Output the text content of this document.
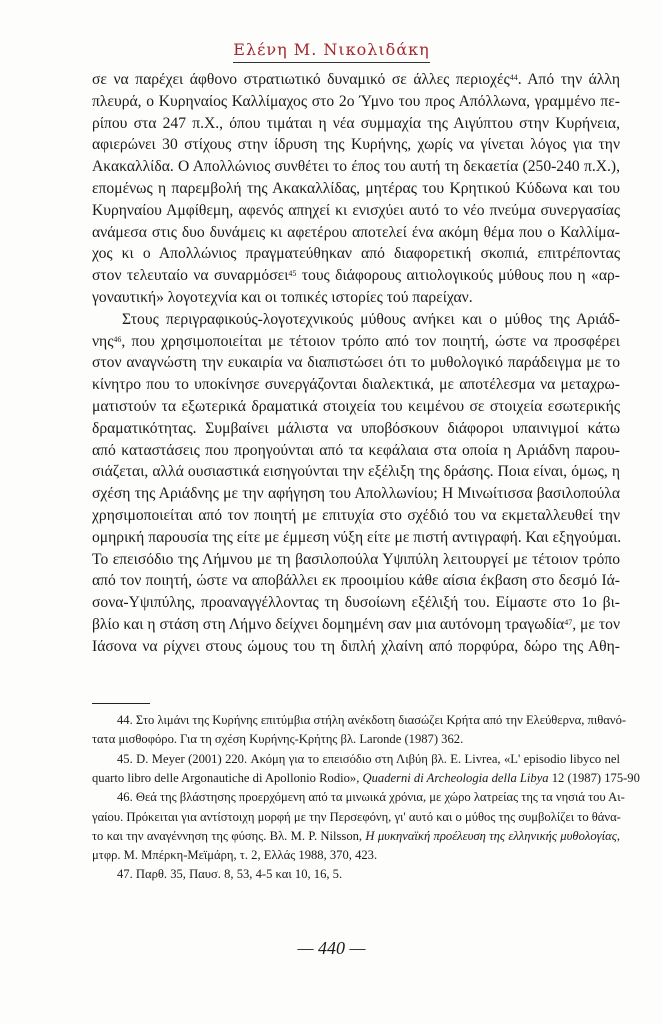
Ελένη Μ. Νικολιδάκη
σε να παρέχει άφθονο στρατιωτικό δυναμικό σε άλλες περιοχές$^{44}$. Από την άλλη
πλευρά, ο Κυρηναίος Καλλίμαχος στο 2ο Ύμνο του προς Απόλλωνα, γραμμένο πε-
ρίπου στα 247 π.Χ., όπου τιμάται η νέα συμμαχία της Αιγύπτου στην Κυρήνεια,
αφιερώνει 30 στίχους στην ίδρυση της Κυρήνης, χωρίς να γίνεται λόγος για την
Ακακαλλίδα. Ο Απολλώνιος συνθέτει το έπος του αυτή τη δεκαετία (250-240 π.Χ.),
επομένως η παρεμβολή της Ακακαλλίδας, μητέρας του Κρητικού Κύδωνα και του
Κυρηναίου Αμφίθεμη, αφενός απηχεί κι ενισχύει αυτό το νέο πνεύμα συνεργασίας
ανάμεσα στις δυο δυνάμεις κι αφετέρου αποτελεί ένα ακόμη θέμα που ο Καλλίμα-
χος κι ο Απολλώνιος πραγματεύθηκαν από διαφορετική σκοπιά, επιτρέποντας
στον τελευταίο να συναρμόσει$^{45}$ τους διάφορους αιτιολογικούς μύθους που η «αρ-
γοναυτική» λογοτεχνία και οι τοπικές ιστορίες τού παρείχαν.
Στους περιγραφικούς-λογοτεχνικούς μύθους ανήκει και ο μύθος της Αριάδ-
νης$^{46}$, που χρησιμοποιείται με τέτοιον τρόπο από τον ποιητή, ώστε να προσφέρει
στον αναγνώστη την ευκαιρία να διαπιστώσει ότι το μυθολογικό παράδειγμα με το
κίνητρο που το υποκίνησε συνεργάζονται διαλεκτικά, με αποτέλεσμα να μεταχρω-
ματιστούν τα εξωτερικά δραματικά στοιχεία του κειμένου σε στοιχεία εσωτερικής
δραματικότητας. Συμβαίνει μάλιστα να υποβόσκουν διάφοροι υπαινιγμοί κάτω
από καταστάσεις που προηγούνται από τα κεφάλαια στα οποία η Αριάδνη παρου-
σιάζεται, αλλά ουσιαστικά εισηγούνται την εξέλιξη της δράσης. Ποια είναι, όμως, η
σχέση της Αριάδνης με την αφήγηση του Απολλωνίου; Η Μινωίτισσα βασιλοπούλα
χρησιμοποιείται από τον ποιητή με επιτυχία στο σχέδιό του να εκμεταλλευθεί την
ομηρική παρουσία της είτε με έμμεση νύξη είτε με πιστή αντιγραφή. Και εξηγούμαι.
Το επεισόδιο της Λήμνου με τη βασιλοπούλα Υψιπύλη λειτουργεί με τέτοιον τρόπο
από τον ποιητή, ώστε να αποβάλλει εκ προοιμίου κάθε αίσια έκβαση στο δεσμό Ιά-
σονα-Υψιπύλης, προαναγγέλλοντας τη δυσοίωνη εξέλιξή του. Είμαστε στο 1ο βι-
βλίο και η στάση στη Λήμνο δείχνει δομημένη σαν μια αυτόνομη τραγωδία$^{47}$, με τον
Ιάσονα να ρίχνει στους ώμους του τη διπλή χλαίνη από πορφύρα, δώρο της Αθη-
44. Στο λιμάνι της Κυρήνης επιτύμβια στήλη ανέκδοτη διασώζει Κρήτα από την Ελεύθερνα, πιθανό-
τατα μισθοφόρο. Για τη σχέση Κυρήνης-Κρήτης βλ. Laronde (1987) 362.
45. D. Meyer (2001) 220. Ακόμη για το επεισόδιο στη Λιβύη βλ. E. Livrea, «L' episodio libyco nel
quarto libro delle Argonautiche di Apollonio Rodio», Quaderni di Archeologia della Libya 12 (1987) 175-90
46. Θεά της βλάστησης προερχόμενη από τα μινωικά χρόνια, με χώρο λατρείας της τα νησιά του Αι-
γαίου. Πρόκειται για αντίστοιχη μορφή με την Περσεφόνη, γι' αυτό και ο μύθος της συμβολίζει το θάνα-
το και την αναγέννηση της φύσης. Βλ. M. P. Nilsson, Η μυκηναϊκή προέλευση της ελληνικής μυθολογίας,
μτφρ. Μ. Μπέρκη-Μεϊμάρη, τ. 2, Ελλάς 1988, 370, 423.
47. Παρθ. 35, Παυσ. 8, 53, 4-5 και 10, 16, 5.
— 440 —
